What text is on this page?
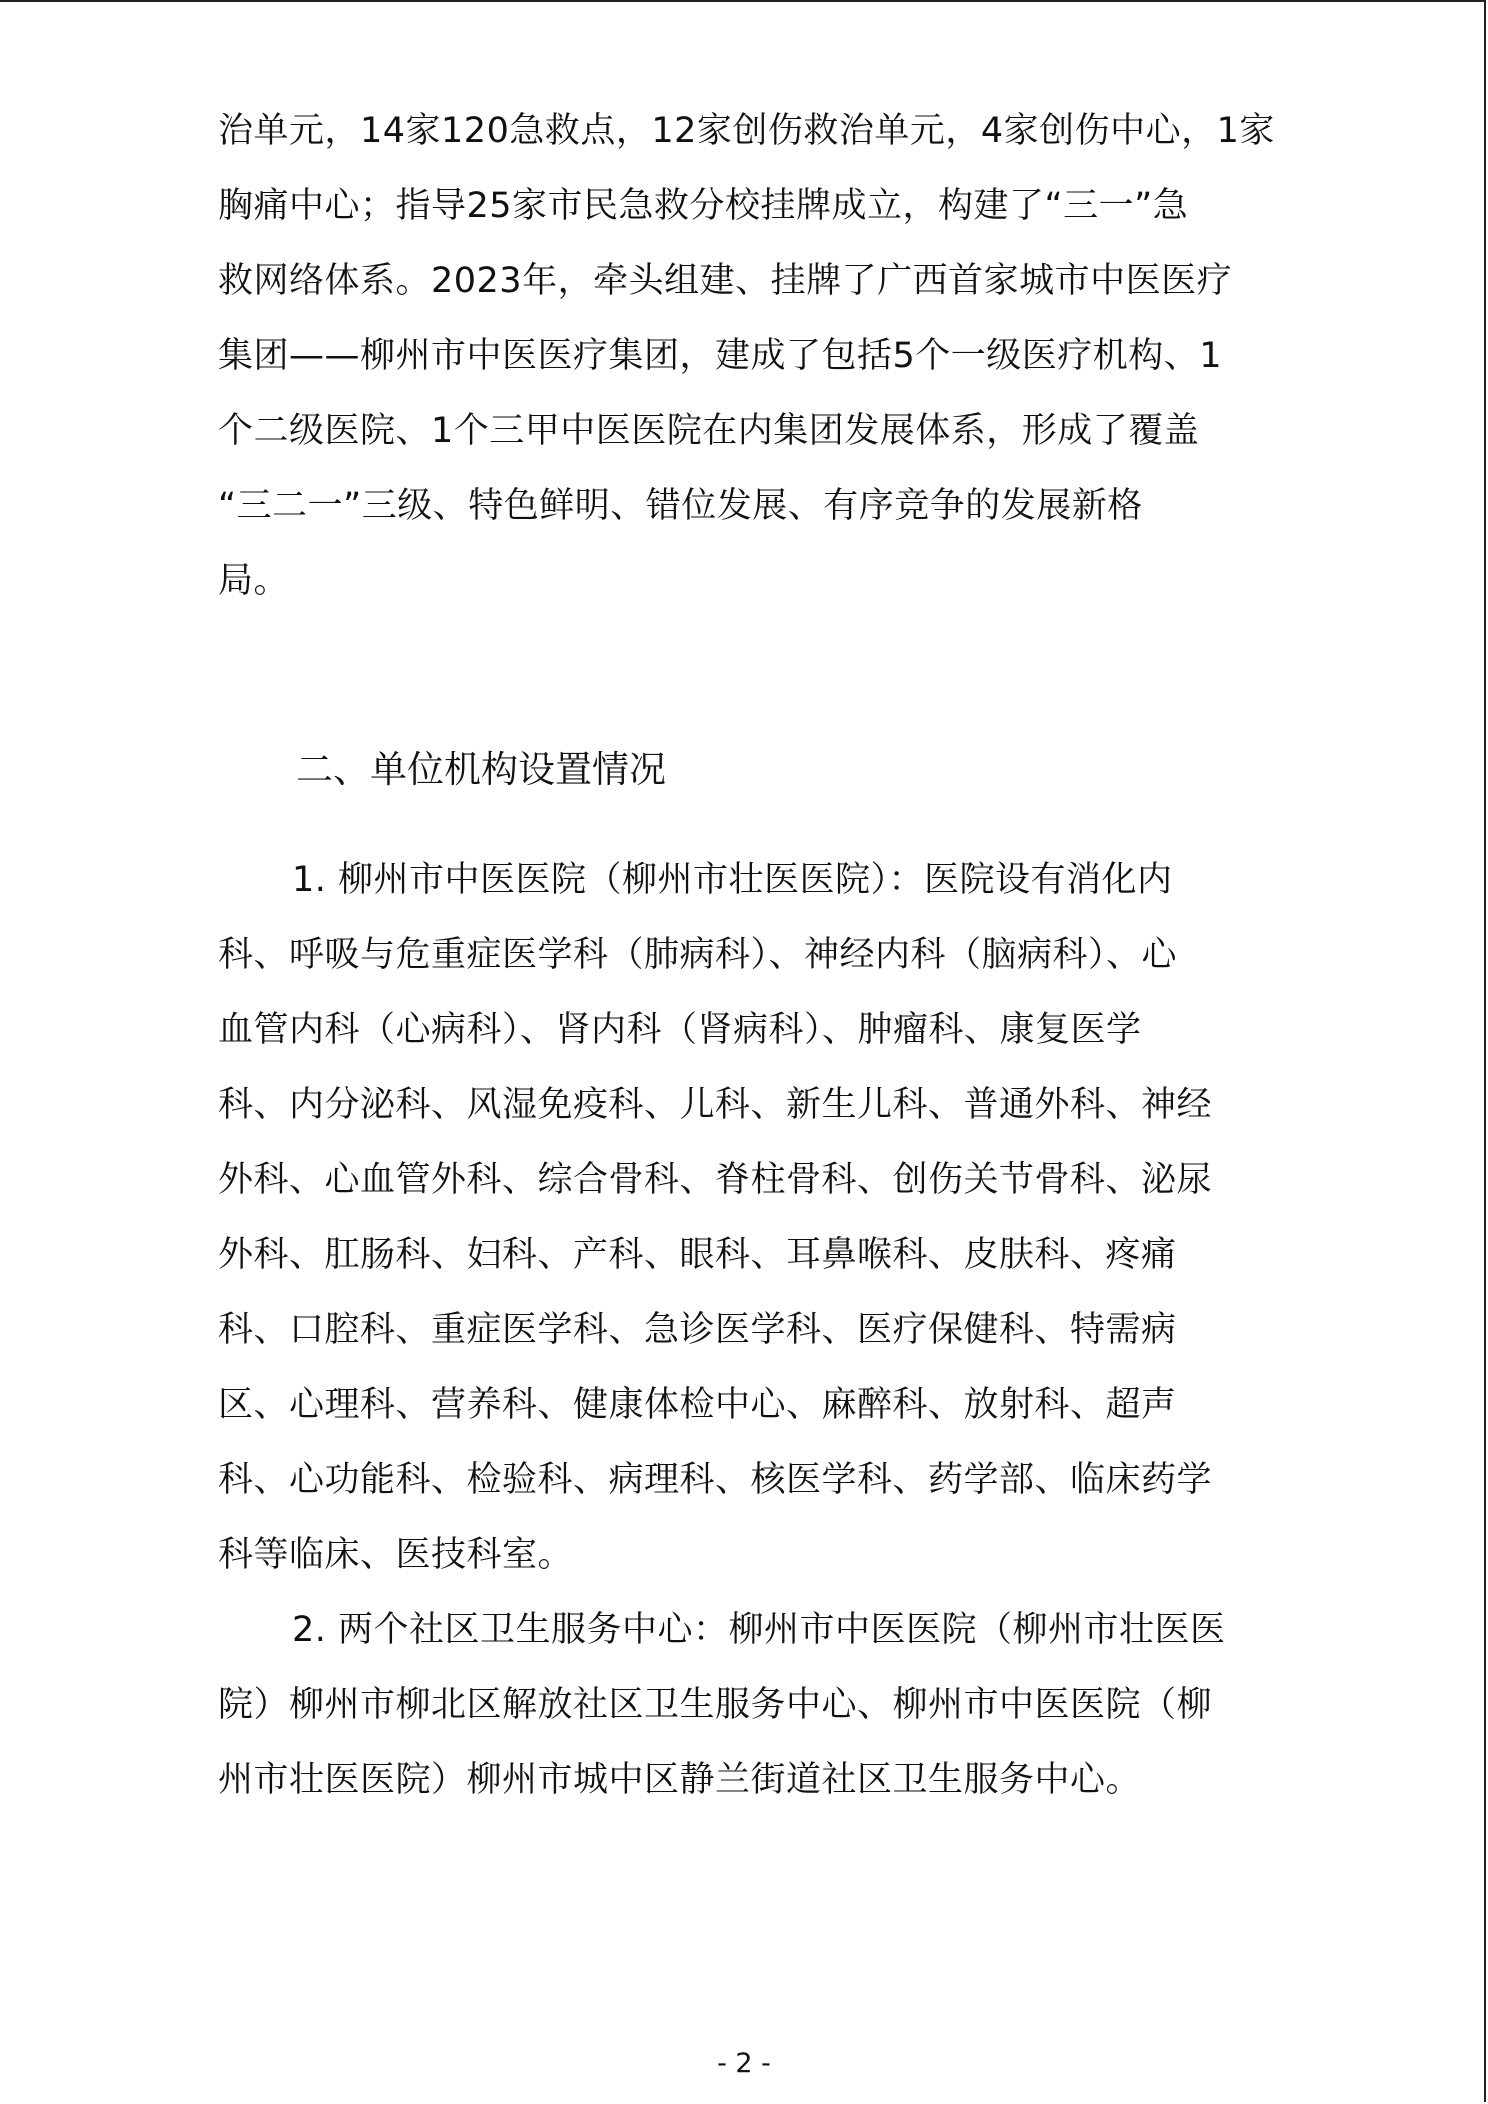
治单元，14家120急救点，12家创伤救治单元，4家创伤中心，1家
胸痛中心；指导25家市民急救分校挂牌成立，构建了“三一”急
救网络体系。2023年，牵头组建、挂牌了广西首家城市中医医疗
集团——柳州市中医医疗集团，建成了包括5个一级医疗机构、1
个二级医院、1个三甲中医医院在内集团发展体系，形成了覆盖
“三二一”三级、特色鲜明、错位发展、有序竞争的发展新格
局。
二、单位机构设置情况
1. 柳州市中医医院（柳州市壮医医院）：医院设有消化内
科、呼吸与危重症医学科（肺病科）、神经内科（脑病科）、心
血管内科（心病科）、肾内科（肾病科）、肿瘤科、康复医学
科、内分泌科、风湿免疫科、儿科、新生儿科、普通外科、神经
外科、心血管外科、综合骨科、脊柱骨科、创伤关节骨科、泌尿
外科、肛肠科、妇科、产科、眼科、耳鼻喉科、皮肤科、疼痛
科、口腔科、重症医学科、急诊医学科、医疗保健科、特需病
区、心理科、营养科、健康体检中心、麻醉科、放射科、超声
科、心功能科、检验科、病理科、核医学科、药学部、临床药学
科等临床、医技科室。
2. 两个社区卫生服务中心：柳州市中医医院（柳州市壮医医
院）柳州市柳北区解放社区卫生服务中心、柳州市中医医院（柳
州市壮医医院）柳州市城中区静兰街道社区卫生服务中心。
- 2 -
